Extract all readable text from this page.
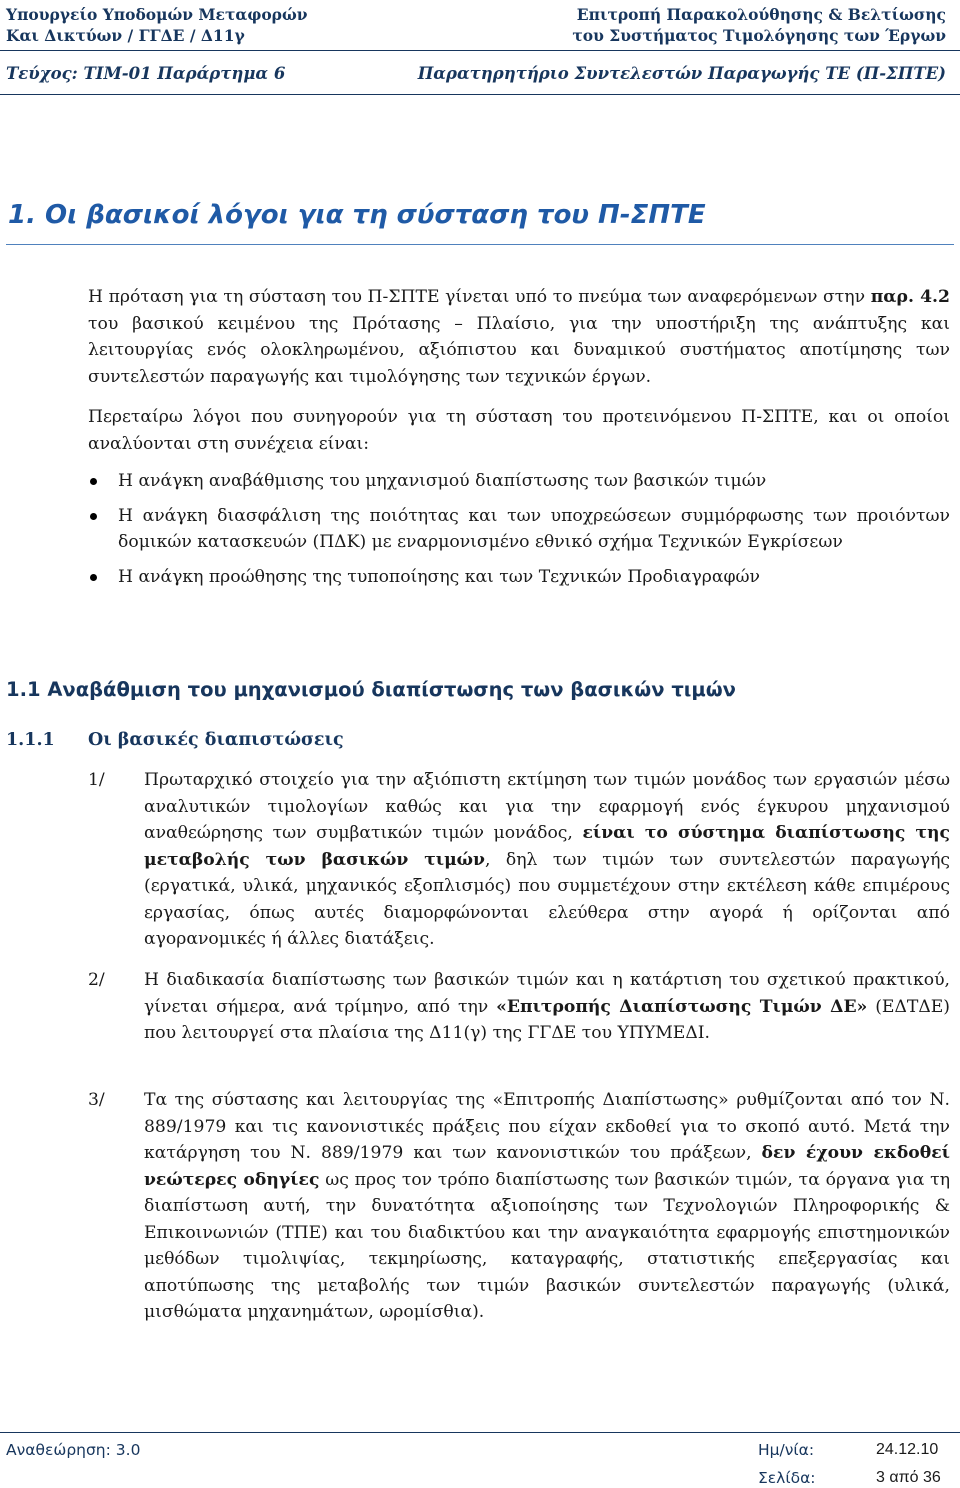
Υπουργείο Υποδομών Μεταφορών
Και Δικτύων / ΓΓΔΕ / Δ11γ
Επιτροπή Παρακολούθησης & Βελτίωσης
του Συστήματος Τιμολόγησης των Έργων
Τεύχος: ΤΙΜ-01 Παράρτημα 6	Παρατηρητήριο Συντελεστών Παραγωγής ΤΕ (Π-ΣΠΤΕ)
1. Οι βασικοί λόγοι για τη σύσταση του Π-ΣΠΤΕ

Η πρόταση για τη σύσταση του Π-ΣΠΤΕ γίνεται υπό το πνεύμα των αναφερόμενων στην παρ. 4.2 του βασικού κειμένου της Πρότασης – Πλαίσιο, για την υποστήριξη της ανάπτυξης και λειτουργίας ενός ολοκληρωμένου, αξιόπιστου και δυναμικού συστήματος αποτίμησης των συντελεστών παραγωγής και τιμολόγησης των τεχνικών έργων.

Περεταίρω λόγοι που συνηγορούν για τη σύσταση του προτεινόμενου Π-ΣΠΤΕ, και οι οποίοι αναλύονται στη συνέχεια είναι:

Η ανάγκη αναβάθμισης του μηχανισμού διαπίστωσης των βασικών τιμών
Η ανάγκη διασφάλιση της ποιότητας και των υποχρεώσεων συμμόρφωσης των προιόντων δομικών κατασκευών (ΠΔΚ) με εναρμονισμένο εθνικό σχήμα Τεχνικών Εγκρίσεων
Η ανάγκη προώθησης της τυποποίησης και των Τεχνικών Προδιαγραφών
1.1 Αναβάθμιση του μηχανισμού διαπίστωσης των βασικών τιμών
1.1.1 Οι βασικές διαπιστώσεις
1/ Πρωταρχικό στοιχείο για την αξιόπιστη εκτίμηση των τιμών μονάδος των εργασιών μέσω αναλυτικών τιμολογίων καθώς και για την εφαρμογή ενός έγκυρου μηχανισμού αναθεώρησης των συμβατικών τιμών μονάδος, είναι το σύστημα διαπίστωσης της μεταβολής των βασικών τιμών, δηλ των τιμών των συντελεστών παραγωγής (εργατικά, υλικά, μηχανικός εξοπλισμός) που συμμετέχουν στην εκτέλεση κάθε επιμέρους εργασίας, όπως αυτές διαμορφώνονται ελεύθερα στην αγορά ή ορίζονται από αγορανομικές ή άλλες διατάξεις.
2/ Η διαδικασία διαπίστωσης των βασικών τιμών και η κατάρτιση του σχετικού πρακτικού, γίνεται σήμερα, ανά τρίμηνο, από την «Επιτροπής Διαπίστωσης Τιμών ΔΕ» (ΕΔΤΔΕ) που λειτουργεί στα πλαίσια της Δ11(γ) της ΓΓΔΕ του ΥΠΥΜΕΔΙ.
3/ Τα της σύστασης και λειτουργίας της «Επιτροπής Διαπίστωσης» ρυθμίζονται από τον Ν. 889/1979 και τις κανονιστικές πράξεις που είχαν εκδοθεί για το σκοπό αυτό. Μετά την κατάργηση του Ν. 889/1979 και των κανονιστικών του πράξεων, δεν έχουν εκδοθεί νεώτερες οδηγίες ως προς τον τρόπο διαπίστωσης των βασικών τιμών, τα όργανα για τη διαπίστωση αυτή, την δυνατότητα αξιοποίησης των Τεχνολογιών Πληροφορικής & Επικοινωνιών (ΤΠΕ) και του διαδικτύου και την αναγκαιότητα εφαρμογής επιστημονικών μεθόδων τιμολιψίας, τεκμηρίωσης, καταγραφής, στατιστικής επεξεργασίας και αποτύπωσης της μεταβολής των τιμών βασικών συντελεστών παραγωγής (υλικά, μισθώματα μηχανημάτων, ωρομίσθια).
Αναθεώρηση: 3.0	Ημ/νία:	24.12.10
Σελίδα:	3 από 36
